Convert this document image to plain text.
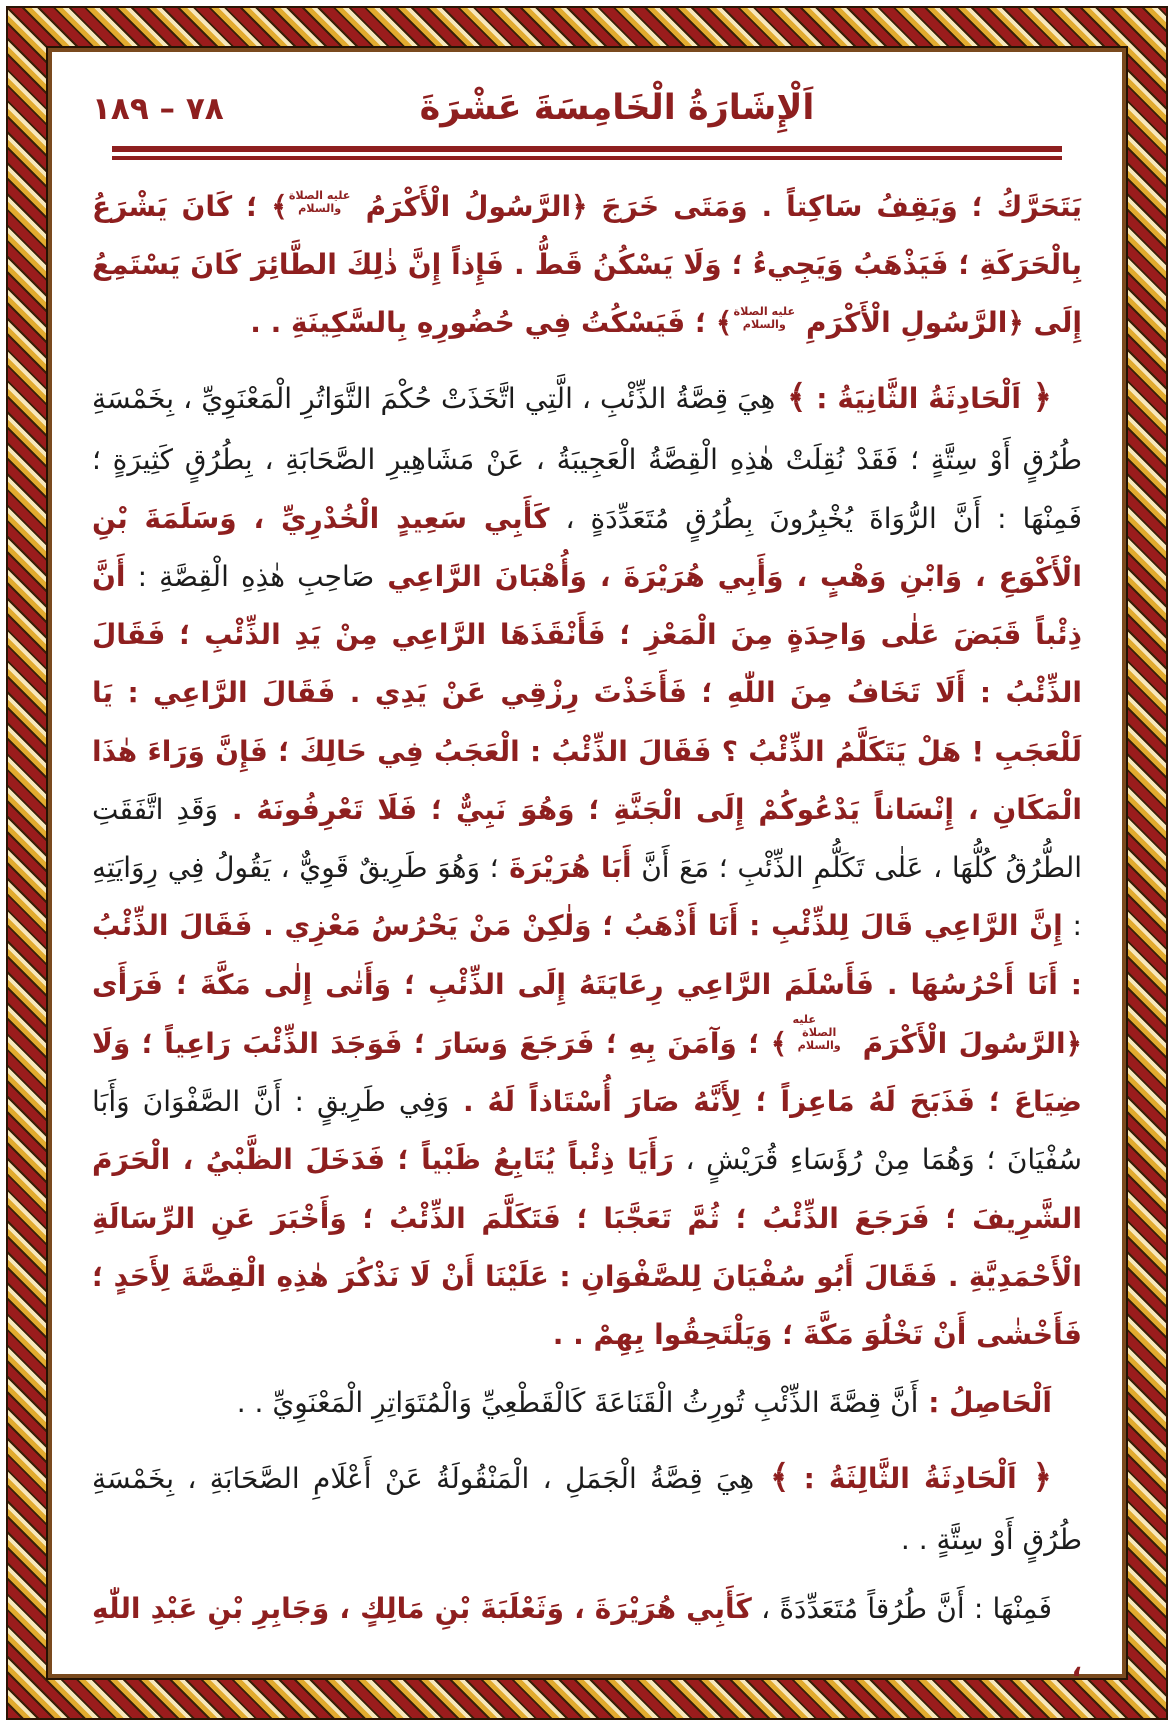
٧٨ – ١٨٩	اَلْإِشَارَةُ الْخَامِسَةَ عَشْرَةَ

يَتَحَرَّكُ ؛ وَيَقِفُ سَاكِتاً . وَمَتَى خَرَجَ ﴿الرَّسُولُ الْأَكْرَمُ عليه الصلاة والسلام﴾ ؛ كَانَ يَشْرَعُ بِالْحَرَكَةِ ؛ فَيَذْهَبُ وَيَجِيءُ ؛ وَلَا يَسْكُنُ قَطُّ . فَإِذاً إِنَّ ذٰلِكَ الطَّائِرَ كَانَ يَسْتَمِعُ إِلَى ﴿الرَّسُولِ الْأَكْرَمِ عليه الصلاة والسلام﴾ ؛ فَيَسْكُتُ فِي حُضُورِهِ بِالسَّكِينَةِ . .

﴿ اَلْحَادِثَةُ الثَّانِيَةُ : ﴾ هِيَ قِصَّةُ الذِّئْبِ ، الَّتِي اتَّخَذَتْ حُكْمَ التَّوَاتُرِ الْمَعْنَوِيِّ ، بِخَمْسَةِ طُرُقٍ أَوْ سِتَّةٍ ؛ فَقَدْ نُقِلَتْ هٰذِهِ الْقِصَّةُ الْعَجِيبَةُ ، عَنْ مَشَاهِيرِ الصَّحَابَةِ ، بِطُرُقٍ كَثِيرَةٍ ؛ فَمِنْهَا : أَنَّ الرُّوَاةَ يُخْبِرُونَ بِطُرُقٍ مُتَعَدِّدَةٍ ، كَأَبِي سَعِيدٍ الْخُدْرِيِّ ، وَسَلَمَةَ بْنِ الْأَكْوَعِ ، وَابْنِ وَهْبٍ ، وَأَبِي هُرَيْرَةَ ، وَأُهْبَانَ الرَّاعِي صَاحِبِ هٰذِهِ الْقِصَّةِ : أَنَّ ذِئْباً قَبَضَ عَلٰى وَاحِدَةٍ مِنَ الْمَعْزِ ؛ فَأَنْقَذَهَا الرَّاعِي مِنْ يَدِ الذِّئْبِ ؛ فَقَالَ الذِّئْبُ : أَلَا تَخَافُ مِنَ اللّٰهِ ؛ فَأَخَذْتَ رِزْقِي عَنْ يَدِي . فَقَالَ الرَّاعِي : يَا لَلْعَجَبِ ! هَلْ يَتَكَلَّمُ الذِّئْبُ ؟ فَقَالَ الذِّئْبُ : الْعَجَبُ فِي حَالِكَ ؛ فَإِنَّ وَرَاءَ هٰذَا الْمَكَانِ ، إِنْسَاناً يَدْعُوكُمْ إِلَى الْجَنَّةِ ؛ وَهُوَ نَبِيٌّ ؛ فَلَا تَعْرِفُونَهُ . وَقَدِ اتَّفَقَتِ الطُّرُقُ كُلُّهَا ، عَلٰى تَكَلُّمِ الذِّئْبِ ؛ مَعَ أَنَّ أَبَا هُرَيْرَةَ ؛ وَهُوَ طَرِيقٌ قَوِيٌّ ، يَقُولُ فِي رِوَايَتِهِ : إِنَّ الرَّاعِي قَالَ لِلذِّئْبِ : أَنَا أَذْهَبُ ؛ وَلٰكِنْ مَنْ يَحْرُسُ مَعْزِي . فَقَالَ الذِّئْبُ : أَنَا أَحْرُسُهَا . فَأَسْلَمَ الرَّاعِي رِعَايَتَهُ إِلَى الذِّئْبِ ؛ وَأَتٰى إِلٰى مَكَّةَ ؛ فَرَأَى ﴿الرَّسُولَ الْأَكْرَمَ عليه الصلاة والسلام﴾ ؛ وَآمَنَ بِهِ ؛ فَرَجَعَ وَسَارَ ؛ فَوَجَدَ الذِّئْبَ رَاعِياً ؛ وَلَا ضِيَاعَ ؛ فَذَبَحَ لَهُ مَاعِزاً ؛ لِأَنَّهُ صَارَ أُسْتَاذاً لَهُ . وَفِي طَرِيقٍ : أَنَّ الصَّفْوَانَ وَأَبَا سُفْيَانَ ؛ وَهُمَا مِنْ رُؤَسَاءِ قُرَيْشٍ ، رَأَيَا ذِئْباً يُتَابِعُ ظَبْياً ؛ فَدَخَلَ الظَّبْيُ ، الْحَرَمَ الشَّرِيفَ ؛ فَرَجَعَ الذِّئْبُ ؛ ثُمَّ تَعَجَّبَا ؛ فَتَكَلَّمَ الذِّئْبُ ؛ وَأَخْبَرَ عَنِ الرِّسَالَةِ الْأَحْمَدِيَّةِ . فَقَالَ أَبُو سُفْيَانَ لِلصَّفْوَانِ : عَلَيْنَا أَنْ لَا نَذْكُرَ هٰذِهِ الْقِصَّةَ لِأَحَدٍ ؛ فَأَخْشٰى أَنْ تَخْلُوَ مَكَّةَ ؛ وَيَلْتَحِقُوا بِهِمْ . .

اَلْحَاصِلُ : أَنَّ قِصَّةَ الذِّئْبِ تُورِثُ الْقَنَاعَةَ كَالْقَطْعِيِّ وَالْمُتَوَاتِرِ الْمَعْنَوِيِّ . .

﴿ اَلْحَادِثَةُ الثَّالِثَةُ : ﴾ هِيَ قِصَّةُ الْجَمَلِ ، الْمَنْقُولَةُ عَنْ أَعْلَامِ الصَّحَابَةِ ، بِخَمْسَةِ طُرُقٍ أَوْ سِتَّةٍ . .

فَمِنْهَا : أَنَّ طُرُقاً مُتَعَدِّدَةً ، كَأَبِي هُرَيْرَةَ ، وَثَعْلَبَةَ بْنِ مَالِكٍ ، وَجَابِرِ بْنِ عَبْدِ اللّٰهِ ،
